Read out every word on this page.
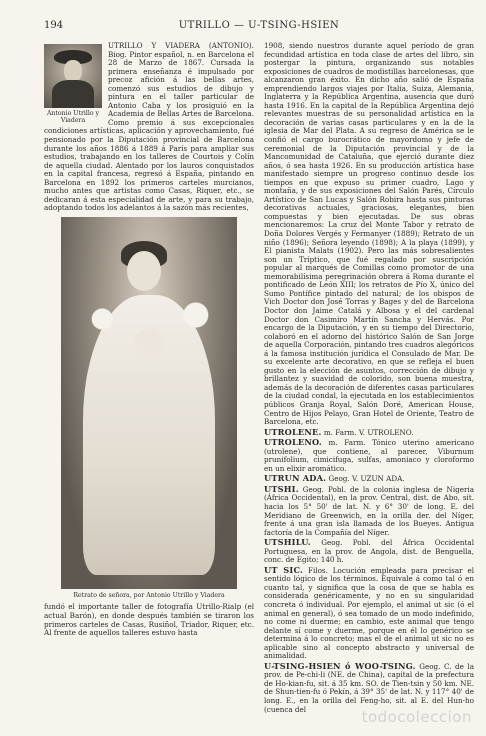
194	UTRILLO — U-TSING-HSIEN
Antonio Utrillo y Viadera
UTRILLO Y VIADERA (ANTONIO). Biog. Pintor español, n. en Barcelona el 28 de Marzo de 1867. Cursada la primera enseñanza é impulsado por precoz afición á las bellas artes, comenzó sus estudios de dibujo y pintura en el taller particular de Antonio Caba y los prosiguió en la Academia de Bellas Artes de Barcelona. Como premio á sus excepcionales condiciones artísticas, aplicación y aprovechamiento, fué pensionado por la Diputación provincial de Barcelona durante los años 1886 á 1889 á París para ampliar sus estudios, trabajando en los talleres de Courtois y Colín de aquella ciudad. Alentado por los lauros conquistados en la capital francesa, regresó á España, pintando en Barcelona en 1892 los primeros carteles murcianos, mucho antes que artistas como Casas, Riquer, etc., se dedicaran á esta especialidad de arte, y para su trabajo, adoptando todos los adelantos á la sazón más recientes,
Retrato de señora, por Antonio Utrillo y Viadera
fundó el importante taller de fotografía Utrillo-Rialp (el actual Barón), en donde después también se tiraron los primeros carteles de Casas, Rusiñol, Triador, Riquer, etc. Al frente de aquellos talleres estuvo hasta
1908, siendo nuestros durante aquel período de gran fecundidad artística en toda clase de artes del libro, sin postergar la pintura, organizando sus notables exposiciones de cuadros de modistillas barcelonesas, que alcanzaron gran éxito. En dicho año salió de España emprendiendo largos viajes por Italia, Suiza, Alemania, Inglaterra y la República Argentina, ausencia que duró hasta 1916. En la capital de la República Argentina dejó relevantes muestras de su personalidad artística en la decoración de varias casas particulares y en la de la iglesia de Mar del Plata. A su regreso de América se le confió el cargo burocrático de mayordomo y jefe de ceremonial de la Diputación provincial y de la Mancomunidad de Cataluña, que ejerció durante diez años, ó sea hasta 1926. En su producción artística hase manifestado siempre un progreso continuo desde los tiempos en que expuso su primer cuadro, Lago y montaña, y de sus exposiciones del Salón Parés, Círculo Artístico de San Lucas y Salón Robira hasta sus pinturas decorativas actuales, graciosas, elegantes, bien compuestas y bien ejecutadas. De sus obras mencionaremos: La cruz del Monte Tabor y retrato de Doña Dolores Vergés y Fermanyer (1889); Retrato de un niño (1896); Señora leyendo (1898); A la playa (1899), y El pianista Malats (1902). Pero las más sobresalientes son un Tríptico, que fué regalado por suscripción popular al marqués de Comillas como promotor de una memorabilísima peregrinación obrera á Roma durante el pontificado de León XIII; los retratos de Pío X, único del Sumo Pontífice pintado del natural; de los obispos de Vich Doctor don José Torras y Bages y del de Barcelona Doctor don Jaime Catalá y Albosa y el del cardenal Doctor don Casimiro Martín Sancha y Hervás. Por encargo de la Diputación, y en su tiempo del Directorio, colaboró en el adorno del histórico Salón de San Jorge de aquella Corporación, pintando tres cuadros alegóricos á la famosa institución jurídica el Consulado de Mar. De su excelente arte decorativo, en que se refleja el buen gusto en la elección de asuntos, corrección de dibujo y brillantez y suavidad de colorido, son buena muestra, además de la decoración de diferentes casas particulares de la ciudad condal, la ejecutada en los establecimientos públicos Granja Royal, Salón Doré, American House, Centro de Hijos Pelayo, Gran Hotel de Oriente, Teatro de Barcelona, etc.
UTROLENE. m. Farm. V. UTROLENO.
UTROLENO. m. Farm. Tónico uterino americano (utrolene), que contiene, al parecer, Viburnum prunifolium, cimicifuga, sulfas, amoniaco y cloroformo en un elixir aromático.
UTRUN ADA. Geog. V. UZUN ADA.
UTSHI. Geog. Pobl. de la colonia inglesa de Nigeria (África Occidental), en la prov. Central, dist. de Abo, sit. hacia los 5° 50' de lat. N. y 6° 30' de long. E. del Meridiano de Greenwich, en la orilla der. del Níger, frente á una gran isla llamada de los Bueyes. Antigua factoría de la Compañía del Níger.
UTSHILU. Geog. Pobl. del África Occidental Portuguesa, en la prov. de Angola, dist. de Benguella, conc. de Egito; 140 h.
UT SIC. Filos. Locución empleada para precisar el sentido lógico de los términos. Equivale á como tal ó en cuanto tal, y significa que la cosa de que se habla es considerada genéricamente, y no en su singularidad concreta ó individual. Por ejemplo, el animal ut sic (ó el animal en general), ó sea tomado de un modo indefinido, no come ni duerme; en cambio, este animal que tengo delante sí come y duerme, porque en él lo genérico se determina á lo concreto; mas el de el animal ut sic no es aplicable sino al concepto abstracto y universal de animalidad.
U-TSING-HSIEN ó WOO-TSING. Geog. C. de la prov. de Pe-chi-li (NE. de China), capital de la prefectura de Ho-kian-fu, sit. á 35 km. SO. de Tien-tsin y 50 km. NE. de Shun-tien-fu ó Pekín, á 39° 35' de lat. N. y 117° 40' de long. E., en la orilla del Feng-ho, sit. al E. del Hun-ho (cuenca del	todocoleccion
